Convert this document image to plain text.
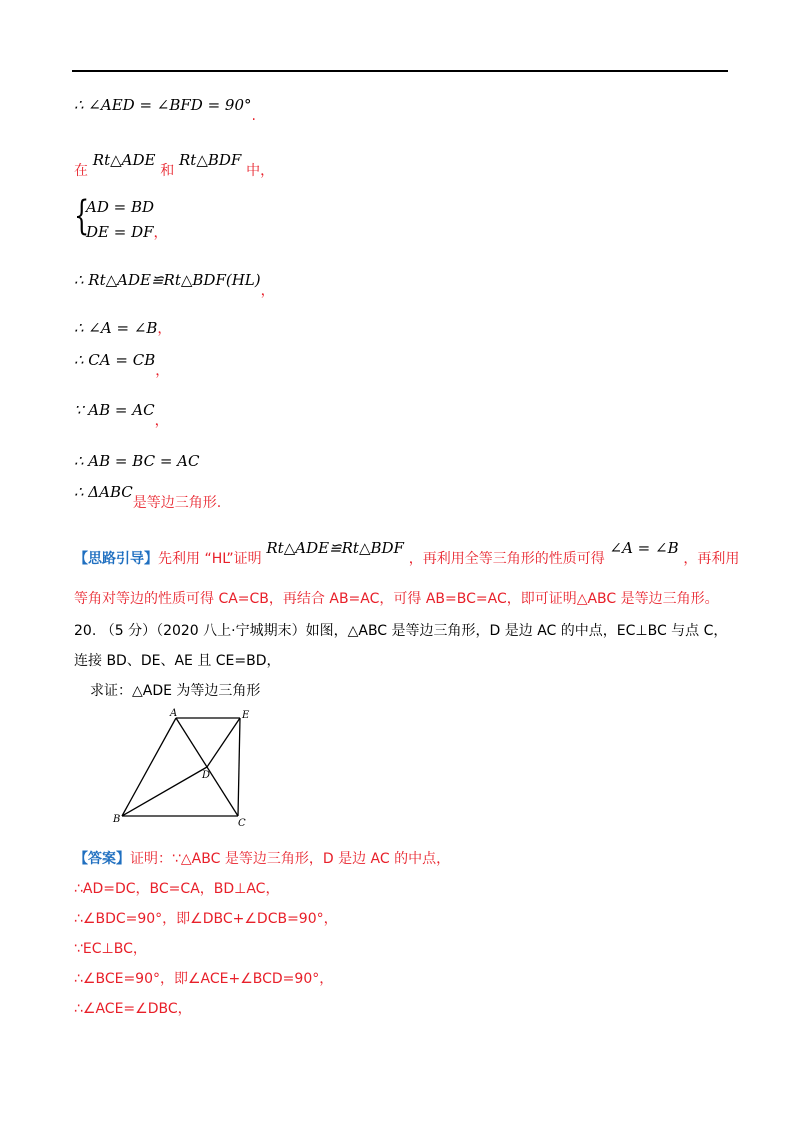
∴ ∠AED = ∠BFD = 90°.
在 Rt△ADE 和 Rt△BDF 中，
{
AD = BD
DE = DF，
∴ Rt△ADE≌Rt△BDF(HL)，
∴ ∠A = ∠B，
∴ CA = CB，
∵ AB = AC，
∴ AB = BC = AC
∴ ΔABC是等边三角形.
【思路引导】先利用 “HL”证明 Rt△ADE≌Rt△BDF ，再利用全等三角形的性质可得 ∠A = ∠B ，再利用
等角对等边的性质可得 CA=CB，再结合 AB=AC，可得 AB=BC=AC，即可证明△ABC 是等边三角形。
20. （5 分）（2020 八上·宁城期末）如图，△ABC 是等边三角形，D 是边 AC 的中点，EC⊥BC 与点 C，
连接 BD、DE、AE 且 CE=BD，
求证：△ADE 为等边三角形
A	E
D
B	C
【答案】证明：∵△ABC 是等边三角形，D 是边 AC 的中点，
∴AD=DC，BC=CA，BD⊥AC，
∴∠BDC=90°，即∠DBC+∠DCB=90°，
∵EC⊥BC，
∴∠BCE=90°，即∠ACE+∠BCD=90°，
∴∠ACE=∠DBC，
